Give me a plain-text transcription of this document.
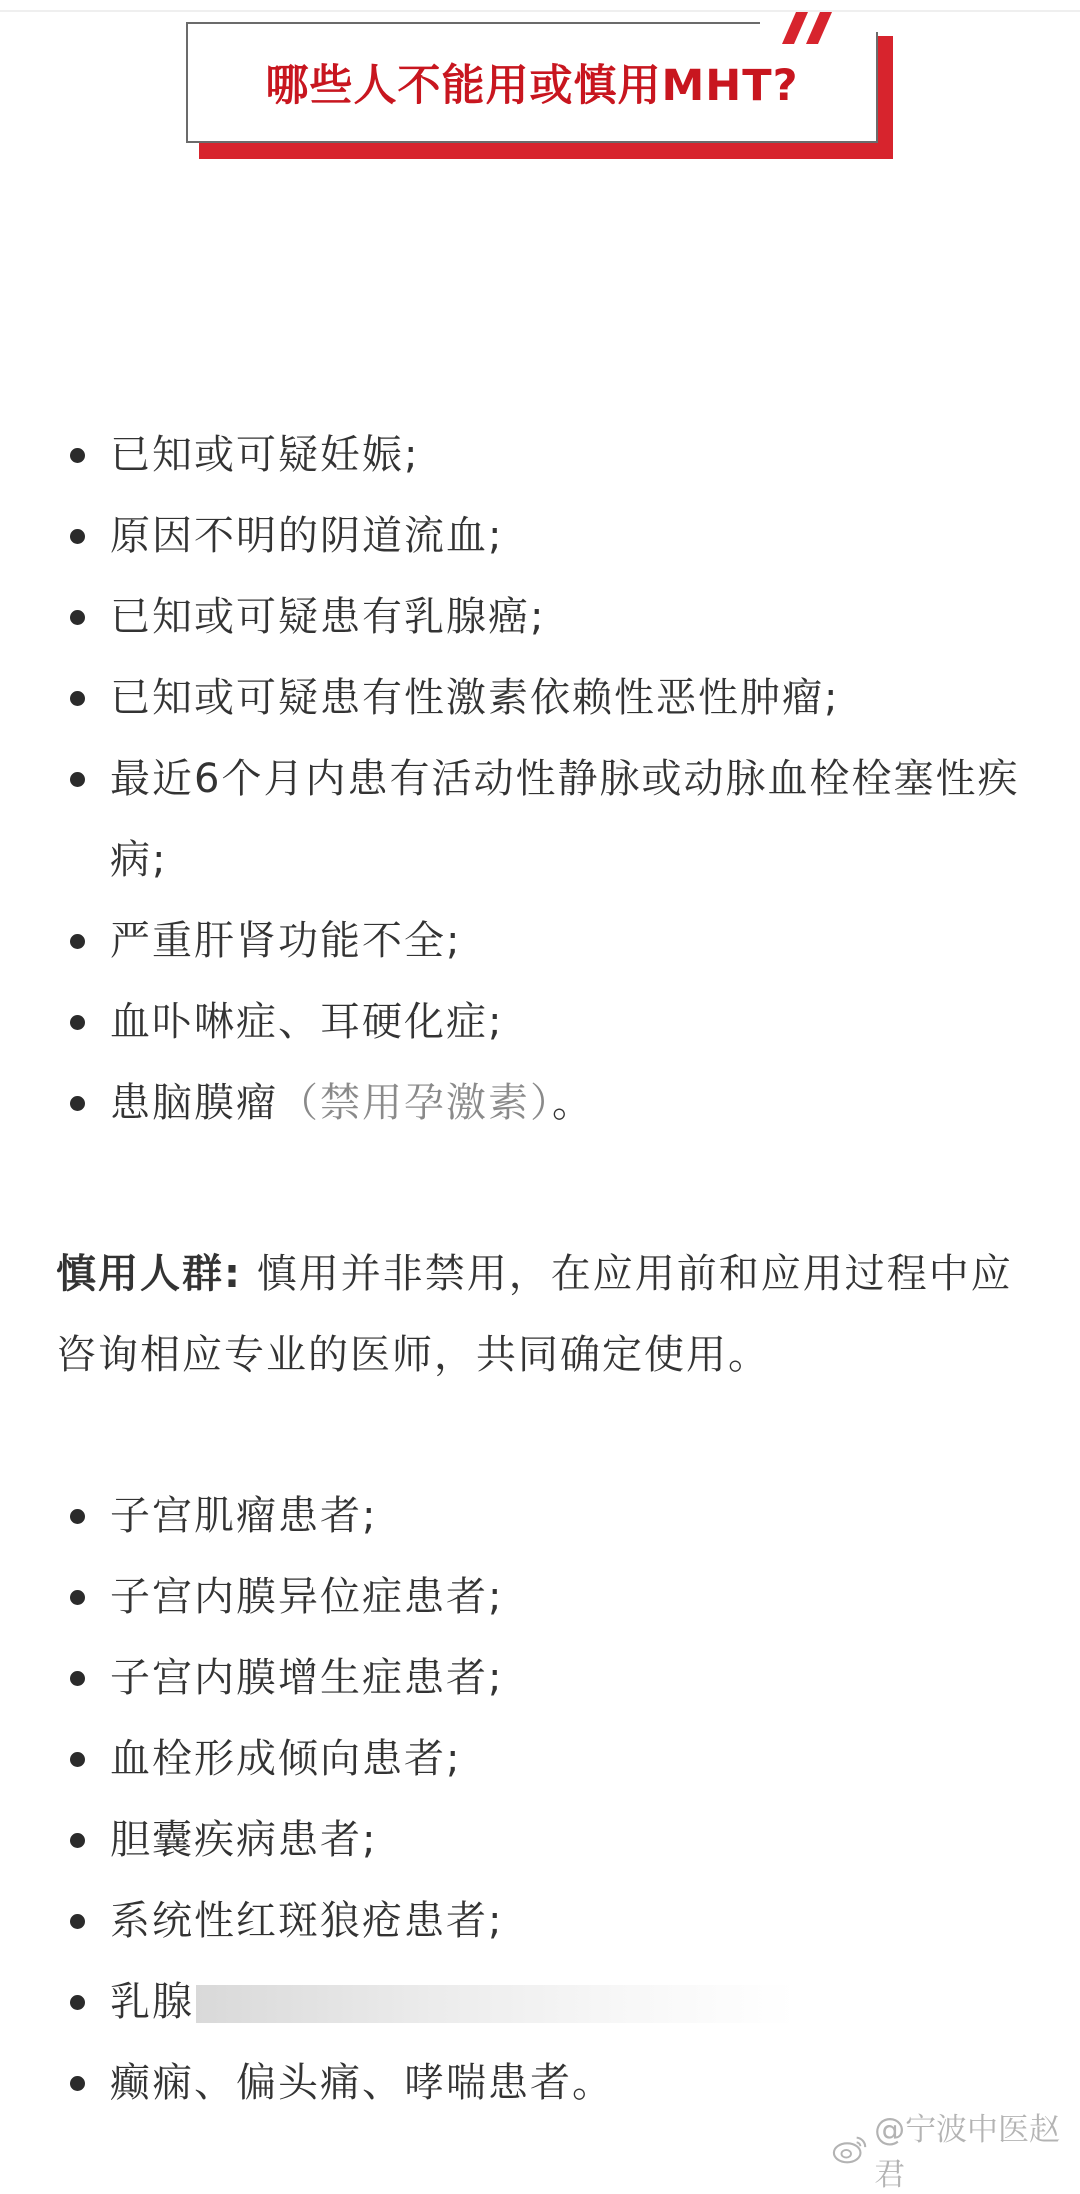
哪些人不能用或慎用MHT?
已知或可疑妊娠;
原因不明的阴道流血;
已知或可疑患有乳腺癌;
已知或可疑患有性激素依赖性恶性肿瘤;
最近6个月内患有活动性静脉或动脉血栓栓塞性疾病;
严重肝肾功能不全;
血卟啉症、耳硬化症;
患脑膜瘤（禁用孕激素）。

慎用人群: 慎用并非禁用，在应用前和应用过程中应咨询相应专业的医师，共同确定使用。

子宫肌瘤患者;
子宫内膜异位症患者;
子宫内膜增生症患者;
血栓形成倾向患者;
胆囊疾病患者;
系统性红斑狼疮患者;
乳腺
癫痫、偏头痛、哮喘患者。
@宁波中医赵君
